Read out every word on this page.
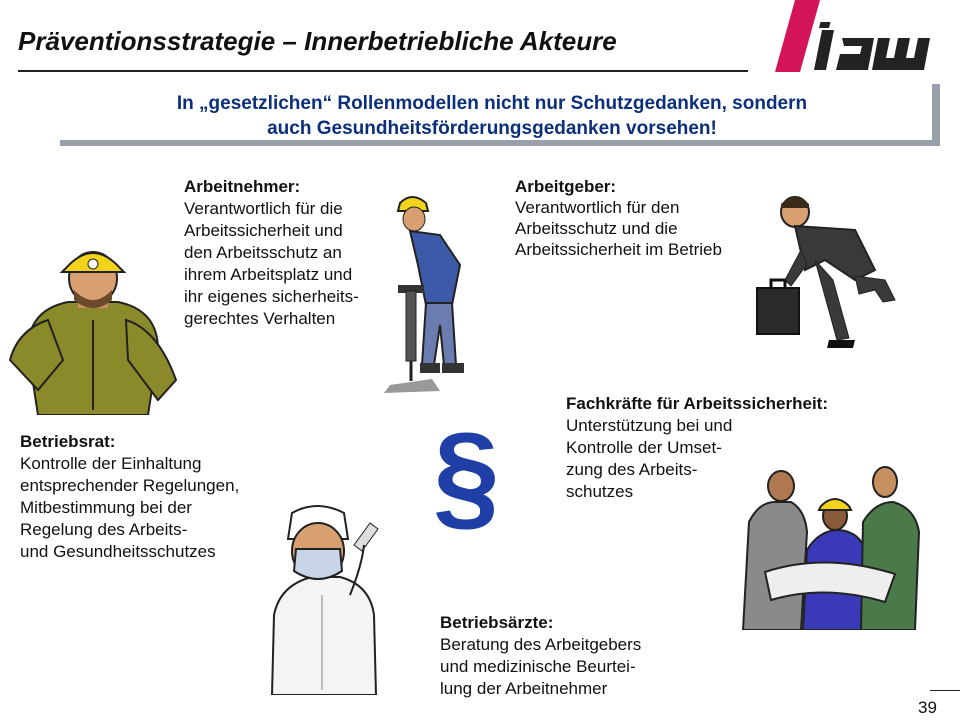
Präventionsstrategie – Innerbetriebliche Akteure
In „gesetzlichen“ Rollenmodellen nicht nur Schutzgedanken, sondern
auch Gesundheitsförderungsgedanken vorsehen!
Arbeitnehmer:
Verantwortlich für die
Arbeitssicherheit und
den Arbeitsschutz an
ihrem Arbeitsplatz und
ihr eigenes sicherheits-
gerechtes Verhalten
Arbeitgeber:
Verantwortlich für den
Arbeitsschutz und die
Arbeitssicherheit im Betrieb
Fachkräfte für Arbeitssicherheit:
Unterstützung bei und
Kontrolle der Umset-
zung des Arbeits-
schutzes
Betriebsrat:
Kontrolle der Einhaltung
entsprechender Regelungen,
Mitbestimmung bei der
Regelung des Arbeits-
und Gesundheitsschutzes
Betriebsärzte:
Beratung des Arbeitgebers
und medizinische Beurtei-
lung der Arbeitnehmer
§
39
